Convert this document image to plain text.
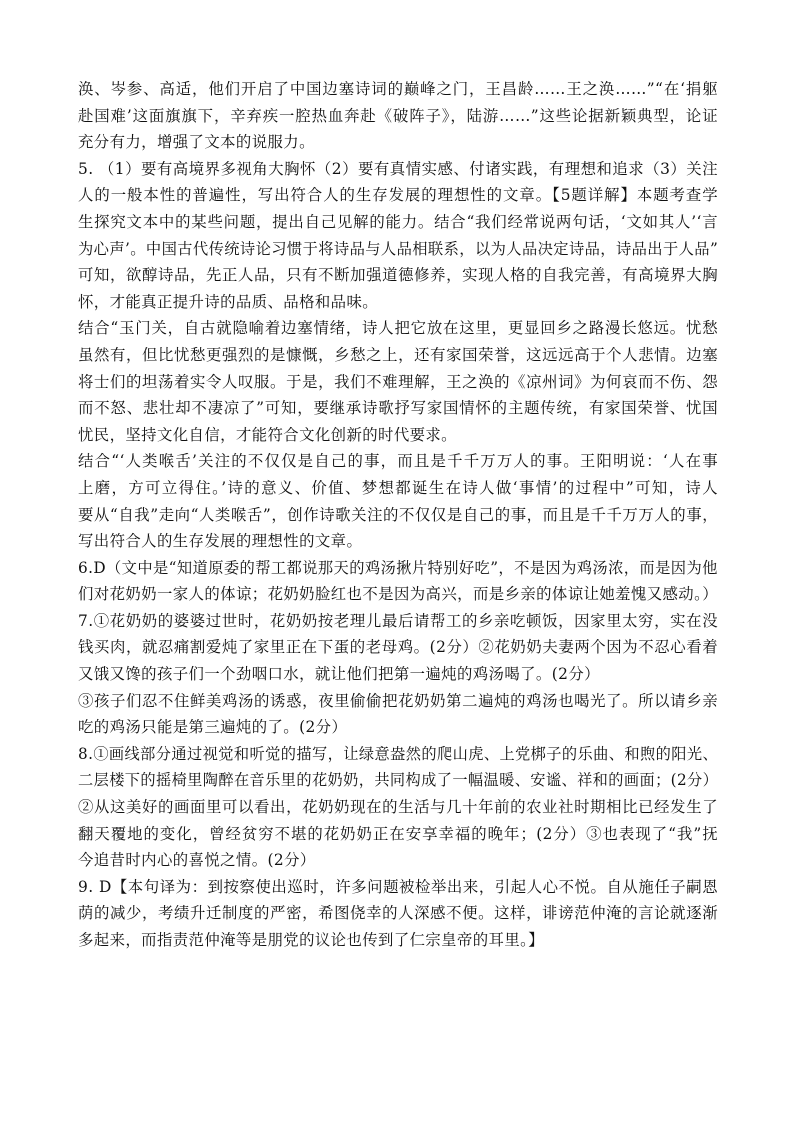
涣、岑参、高适，他们开启了中国边塞诗词的巅峰之门，王昌龄……王之涣……”“在‘捐躯
赴国难’这面旗旗下，辛弃疾一腔热血奔赴《破阵子》，陆游……”这些论据新颖典型，论证
充分有力，增强了文本的说服力。
5. （1）要有高境界多视角大胸怀（2）要有真情实感、付诸实践，有理想和追求（3）关注
人的一般本性的普遍性，写出符合人的生存发展的理想性的文章。【5题详解】本题考查学
生探究文本中的某些问题，提出自己见解的能力。结合“我们经常说两句话，‘文如其人’‘言
为心声’。中国古代传统诗论习惯于将诗品与人品相联系，以为人品决定诗品，诗品出于人品”
可知，欲醇诗品，先正人品，只有不断加强道德修养，实现人格的自我完善，有高境界大胸
怀，才能真正提升诗的品质、品格和品味。
结合“玉门关，自古就隐喻着边塞情绪，诗人把它放在这里，更显回乡之路漫长悠远。忧愁
虽然有，但比忧愁更强烈的是慷慨，乡愁之上，还有家国荣誉，这远远高于个人悲情。边塞
将士们的坦荡着实令人叹服。于是，我们不难理解，王之涣的《凉州词》为何哀而不伤、怨
而不怒、悲壮却不凄凉了”可知，要继承诗歌抒写家国情怀的主题传统，有家国荣誉、忧国
忧民，坚持文化自信，才能符合文化创新的时代要求。
结合“‘人类喉舌’关注的不仅仅是自己的事，而且是千千万万人的事。王阳明说：‘人在事
上磨，方可立得住。’诗的意义、价值、梦想都诞生在诗人做‘事情’的过程中”可知，诗人
要从“自我”走向“人类喉舌”，创作诗歌关注的不仅仅是自己的事，而且是千千万万人的事，
写出符合人的生存发展的理想性的文章。
6.D（文中是“知道原委的帮工都说那天的鸡汤揪片特别好吃”，不是因为鸡汤浓，而是因为他
们对花奶奶一家人的体谅；花奶奶脸红也不是因为高兴，而是乡亲的体谅让她羞愧又感动。）
7.①花奶奶的婆婆过世时，花奶奶按老理儿最后请帮工的乡亲吃顿饭，因家里太穷，实在没
钱买肉，就忍痛割爱炖了家里正在下蛋的老母鸡。(2分）②花奶奶夫妻两个因为不忍心看着
又饿又馋的孩子们一个劲咽口水，就让他们把第一遍炖的鸡汤喝了。(2分）
③孩子们忍不住鲜美鸡汤的诱惑，夜里偷偷把花奶奶第二遍炖的鸡汤也喝光了。所以请乡亲
吃的鸡汤只能是第三遍炖的了。(2分）
8.①画线部分通过视觉和听觉的描写，让绿意盎然的爬山虎、上党梆子的乐曲、和煦的阳光、
二层楼下的摇椅里陶醉在音乐里的花奶奶，共同构成了一幅温暖、安谧、祥和的画面；(2分）
②从这美好的画面里可以看出，花奶奶现在的生活与几十年前的农业社时期相比已经发生了
翻天覆地的变化，曾经贫穷不堪的花奶奶正在安享幸福的晚年；(2分）③也表现了“我”抚
今追昔时内心的喜悦之情。(2分）
9. D【本句译为：到按察使出巡时，许多问题被检举出来，引起人心不悦。自从施任子嗣恩
荫的减少，考绩升迁制度的严密，希图侥幸的人深感不便。这样，诽谤范仲淹的言论就逐渐
多起来，而指责范仲淹等是朋党的议论也传到了仁宗皇帝的耳里。】
